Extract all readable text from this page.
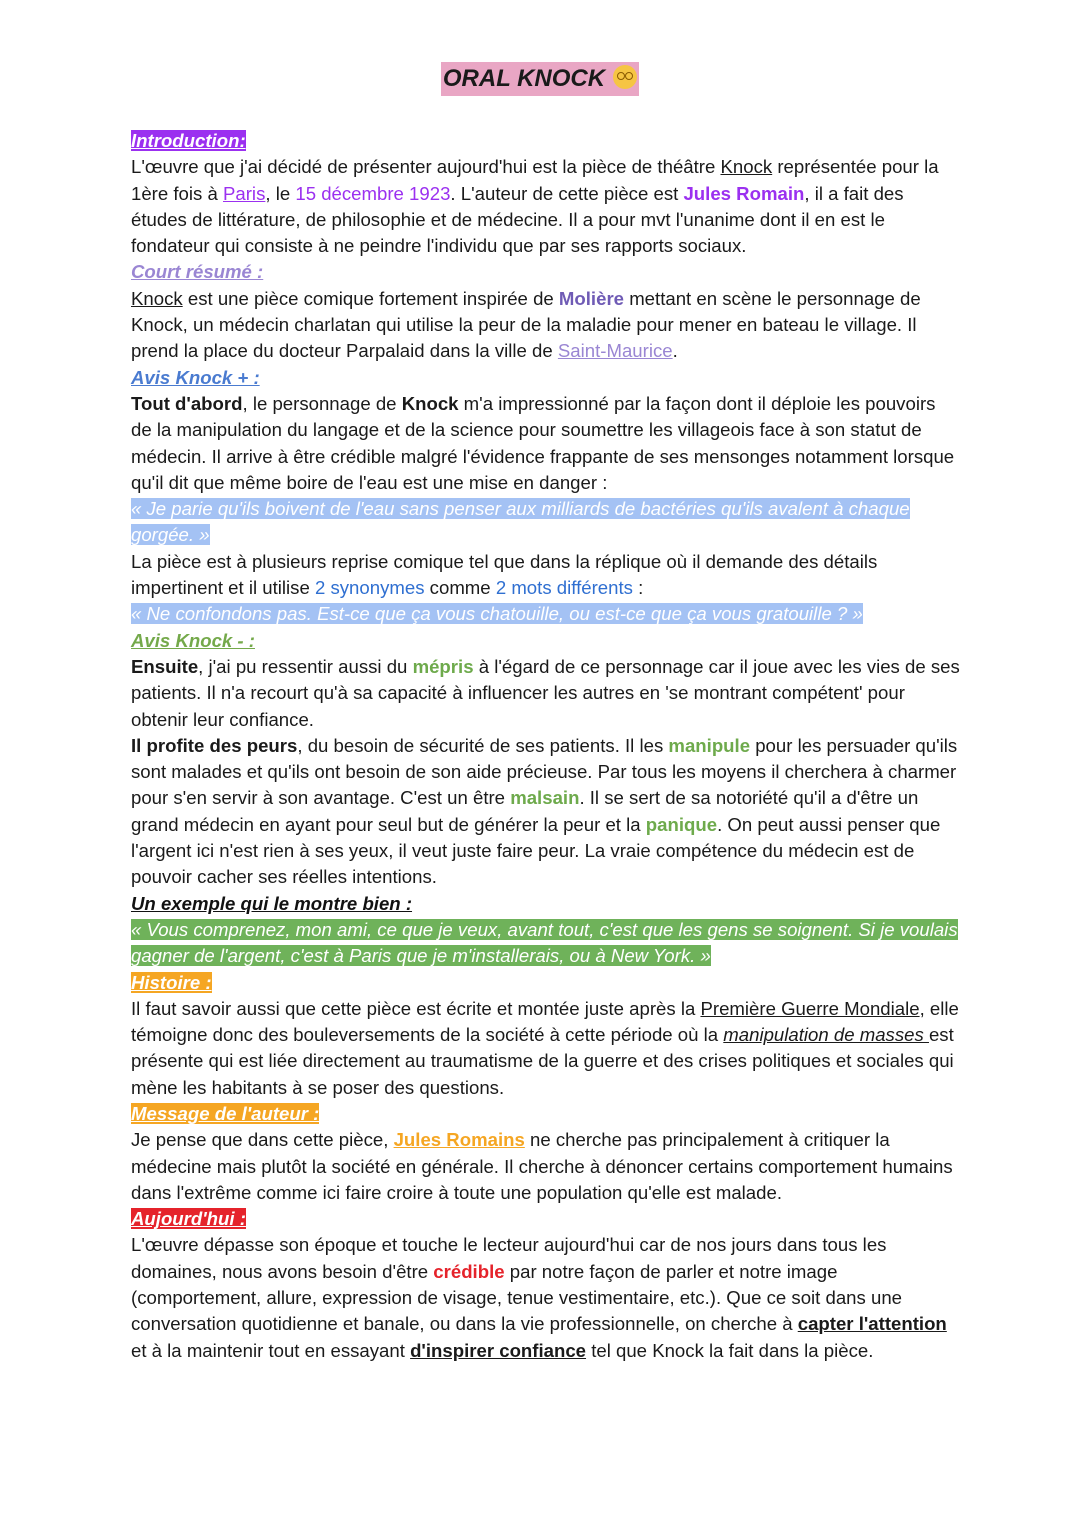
ORAL KNOCK

Introduction:

L'œuvre que j'ai décidé de présenter aujourd'hui est la pièce de théâtre Knock représentée pour la 1ère fois à Paris, le 15 décembre 1923. L'auteur de cette pièce est Jules Romain, il a fait des études de littérature, de philosophie et de médecine. Il a pour mvt l'unanime dont il en est le fondateur qui consiste à ne peindre l'individu que par ses rapports sociaux.

Court résumé :

Knock est une pièce comique fortement inspirée de Molière mettant en scène le personnage de Knock, un médecin charlatan qui utilise la peur de la maladie pour mener en bateau le village. Il prend la place du docteur Parpalaid dans la ville de Saint-Maurice.

Avis Knock + :

Tout d'abord, le personnage de Knock m'a impressionné par la façon dont il déploie les pouvoirs de la manipulation du langage et de la science pour soumettre les villageois face à son statut de médecin. Il arrive à être crédible malgré l'évidence frappante de ses mensonges notamment lorsque qu'il dit que même boire de l'eau est une mise en danger :

« Je parie qu'ils boivent de l'eau sans penser aux milliards de bactéries qu'ils avalent à chaque gorgée. »

La pièce est à plusieurs reprise comique tel que dans la réplique où il demande des détails impertinent et il utilise 2 synonymes comme 2 mots différents :

« Ne confondons pas. Est-ce que ça vous chatouille, ou est-ce que ça vous gratouille ? »

Avis Knock - :

Ensuite, j'ai pu ressentir aussi du mépris à l'égard de ce personnage car il joue avec les vies de ses patients. Il n'a recourt qu'à sa capacité à influencer les autres en 'se montrant compétent' pour obtenir leur confiance.

Il profite des peurs, du besoin de sécurité de ses patients. Il les manipule pour les persuader qu'ils sont malades et qu'ils ont besoin de son aide précieuse. Par tous les moyens il cherchera à charmer pour s'en servir à son avantage. C'est un être malsain. Il se sert de sa notoriété qu'il a d'être un grand médecin en ayant pour seul but de générer la peur et la panique. On peut aussi penser que l'argent ici n'est rien à ses yeux, il veut juste faire peur. La vraie compétence du médecin est de pouvoir cacher ses réelles intentions.

Un exemple qui le montre bien :

« Vous comprenez, mon ami, ce que je veux, avant tout, c'est que les gens se soignent. Si je voulais gagner de l'argent, c'est à Paris que je m'installerais, ou à New York. »

Histoire :

Il faut savoir aussi que cette pièce est écrite et montée juste après la Première Guerre Mondiale, elle témoigne donc des bouleversements de la société à cette période où la manipulation de masses est présente qui est liée directement au traumatisme de la guerre et des crises politiques et sociales qui mène les habitants à se poser des questions.

Message de l'auteur :

Je pense que dans cette pièce, Jules Romains ne cherche pas principalement à critiquer la médecine mais plutôt la société en générale. Il cherche à dénoncer certains comportement humains dans l'extrême comme ici faire croire à toute une population qu'elle est malade.

Aujourd'hui :

L'œuvre dépasse son époque et touche le lecteur aujourd'hui car de nos jours dans tous les domaines, nous avons besoin d'être crédible par notre façon de parler et notre image (comportement, allure, expression de visage, tenue vestimentaire, etc.). Que ce soit dans une conversation quotidienne et banale, ou dans la vie professionnelle, on cherche à capter l'attention et à la maintenir tout en essayant d'inspirer confiance tel que Knock la fait dans la pièce.
